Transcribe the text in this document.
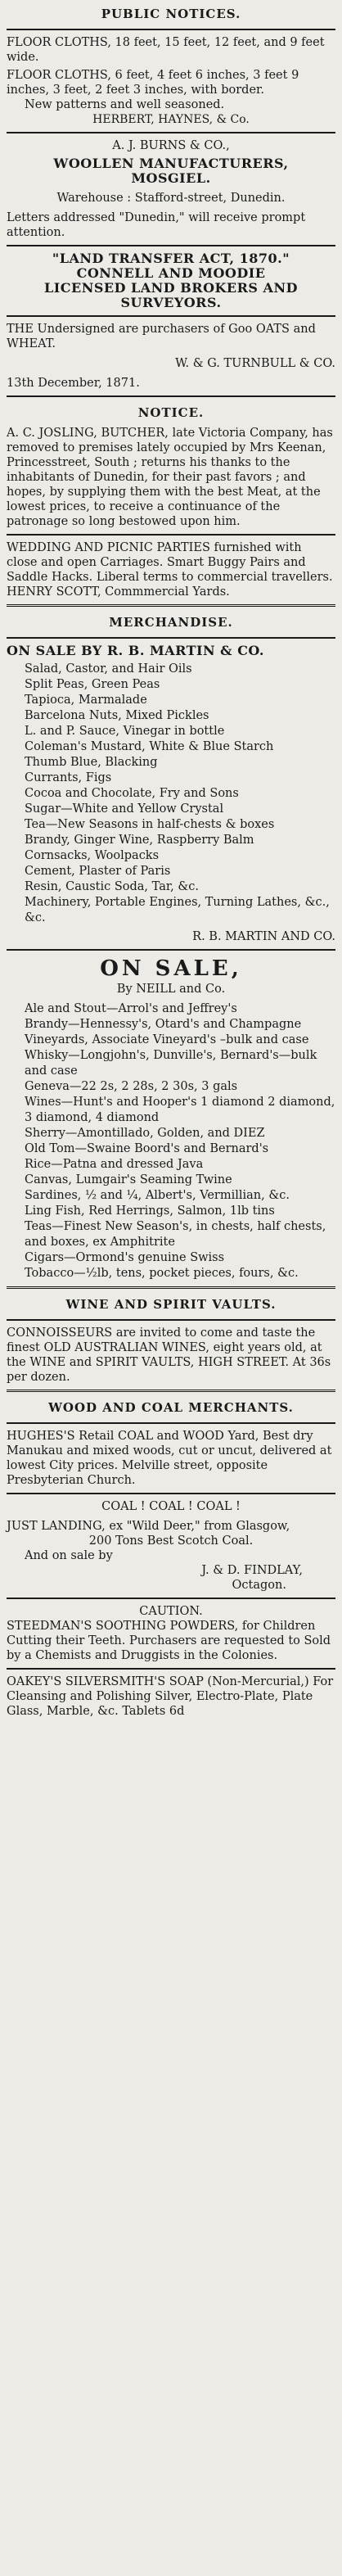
PUBLIC NOTICES.

FLOOR CLOTHS, 18 feet, 15 feet, 12 feet, and 9 feet wide.

FLOOR CLOTHS, 6 feet, 4 feet 6 inches, 3 feet 9 inches, 3 feet, 2 feet 3 inches, with border.

New patterns and well seasoned.

HERBERT, HAYNES, & Co.

A. J. BURNS & CO.,

WOOLLEN MANUFACTURERS,

MOSGIEL.

Warehouse : Stafford-street, Dunedin.

Letters addressed "Dunedin," will receive prompt attention.

"LAND TRANSFER ACT, 1870."

CONNELL AND MOODIE

LICENSED LAND BROKERS AND SURVEYORS.

THE Undersigned are purchasers of Goo OATS and WHEAT.

W. & G. TURNBULL & CO.

13th December, 1871.

NOTICE.

A. C. JOSLING, BUTCHER, late Victoria Company, has removed to premises lately occupied by Mrs Keenan, Princesstreet, South ; returns his thanks to the inhabitants of Dunedin, for their past favors ; and hopes, by supplying them with the best Meat, at the lowest prices, to receive a continuance of the patronage so long bestowed upon him.

WEDDING AND PICNIC PARTIES furnished with close and open Carriages. Smart Buggy Pairs and Saddle Hacks. Liberal terms to commercial travellers. HENRY SCOTT, Commmercial Yards.

MERCHANDISE.

ON SALE BY R. B. MARTIN & CO.

Salad, Castor, and Hair Oils

Split Peas, Green Peas

Tapioca, Marmalade

Barcelona Nuts, Mixed Pickles

L. and P. Sauce, Vinegar in bottle

Coleman's Mustard, White & Blue Starch

Thumb Blue, Blacking

Currants, Figs

Cocoa and Chocolate, Fry and Sons

Sugar—White and Yellow Crystal

Tea—New Seasons in half-chests & boxes

Brandy, Ginger Wine, Raspberry Balm

Cornsacks, Woolpacks

Cement, Plaster of Paris

Resin, Caustic Soda, Tar, &c.

Machinery, Portable Engines, Turning Lathes, &c., &c.

R. B. MARTIN AND CO.

ON SALE,

By NEILL and Co.

Ale and Stout—Arrol's and Jeffrey's

Brandy—Hennessy's, Otard's and Champagne Vineyards, Associate Vineyard's –bulk and case

Whisky—Longjohn's, Dunville's, Bernard's—bulk and case

Geneva—22 2s, 2 28s, 2 30s, 3 gals

Wines—Hunt's and Hooper's 1 diamond 2 diamond, 3 diamond, 4 diamond

Sherry—Amontillado, Golden, and DIEZ

Old Tom—Swaine Boord's and Bernard's

Rice—Patna and dressed Java

Canvas, Lumgair's Seaming Twine

Sardines, ½ and ¼, Albert's, Vermillian, &c.

Ling Fish, Red Herrings, Salmon, 1lb tins

Teas—Finest New Season's, in chests, half chests, and boxes, ex Amphitrite

Cigars—Ormond's genuine Swiss

Tobacco—½lb, tens, pocket pieces, fours, &c.

WINE AND SPIRIT VAULTS.

CONNOISSEURS are invited to come and taste the finest OLD AUSTRALIAN WINES, eight years old, at the WINE and SPIRIT VAULTS, HIGH STREET. At 36s per dozen.

WOOD AND COAL MERCHANTS.

HUGHES'S Retail COAL and WOOD Yard, Best dry Manukau and mixed woods, cut or uncut, delivered at lowest City prices. Melville street, opposite Presbyterian Church.

COAL ! COAL ! COAL !

JUST LANDING, ex "Wild Deer," from Glasgow,

200 Tons Best Scotch Coal.

And on sale by

J. & D. FINDLAY,

Octagon.

CAUTION.

STEEDMAN'S SOOTHING POWDERS, for Children Cutting their Teeth. Purchasers are requested to Sold by a Chemists and Druggists in the Colonies.

OAKEY'S SILVERSMITH'S SOAP (Non-Mercurial,) For Cleansing and Polishing Silver, Electro-Plate, Plate Glass, Marble, &c. Tablets 6d
